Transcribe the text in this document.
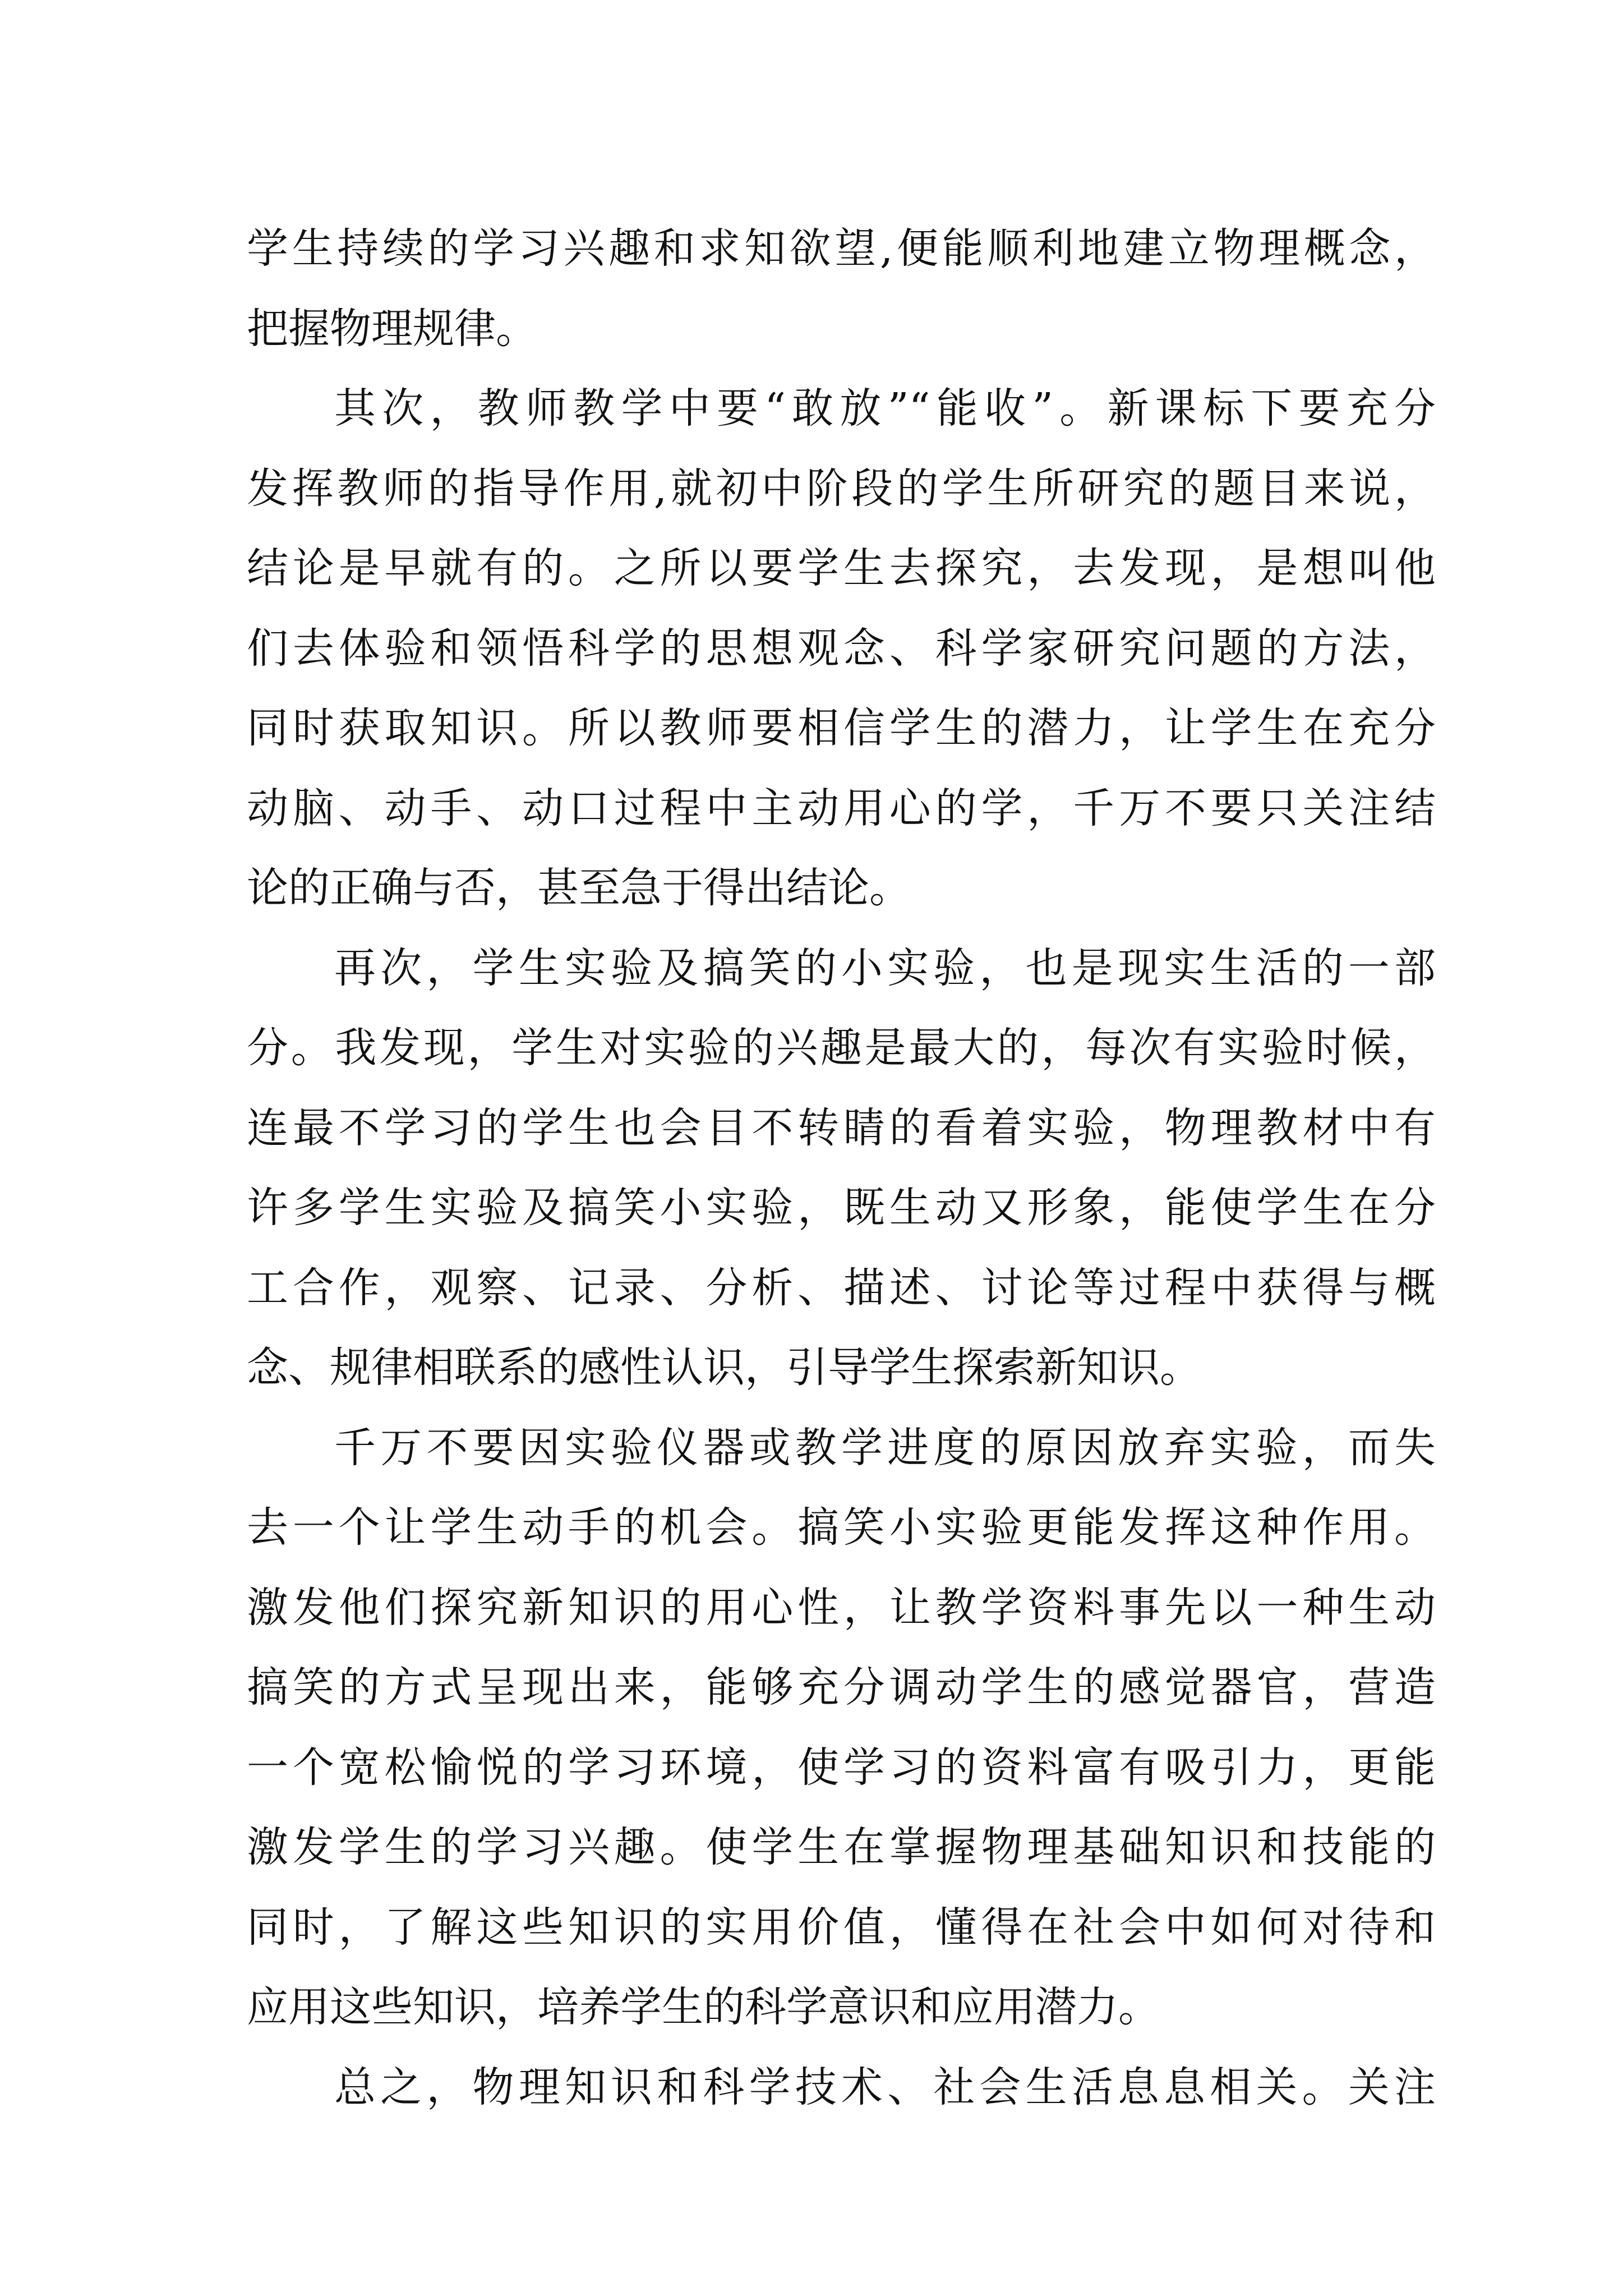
学生持续的学习兴趣和求知欲望,便能顺利地建立物理概念，
把握物理规律。
其次，教师教学中要“敢放”“能收”。新课标下要充分
发挥教师的指导作用,就初中阶段的学生所研究的题目来说，
结论是早就有的。之所以要学生去探究，去发现，是想叫他
们去体验和领悟科学的思想观念、科学家研究问题的方法，
同时获取知识。所以教师要相信学生的潜力，让学生在充分
动脑、动手、动口过程中主动用心的学，千万不要只关注结
论的正确与否，甚至急于得出结论。
再次，学生实验及搞笑的小实验，也是现实生活的一部
分。我发现，学生对实验的兴趣是最大的，每次有实验时候，
连最不学习的学生也会目不转睛的看着实验，物理教材中有
许多学生实验及搞笑小实验，既生动又形象，能使学生在分
工合作，观察、记录、分析、描述、讨论等过程中获得与概
念、规律相联系的感性认识，引导学生探索新知识。
千万不要因实验仪器或教学进度的原因放弃实验，而失
去一个让学生动手的机会。搞笑小实验更能发挥这种作用。
激发他们探究新知识的用心性，让教学资料事先以一种生动
搞笑的方式呈现出来，能够充分调动学生的感觉器官，营造
一个宽松愉悦的学习环境，使学习的资料富有吸引力，更能
激发学生的学习兴趣。使学生在掌握物理基础知识和技能的
同时，了解这些知识的实用价值，懂得在社会中如何对待和
应用这些知识，培养学生的科学意识和应用潜力。
总之，物理知识和科学技术、社会生活息息相关。关注
